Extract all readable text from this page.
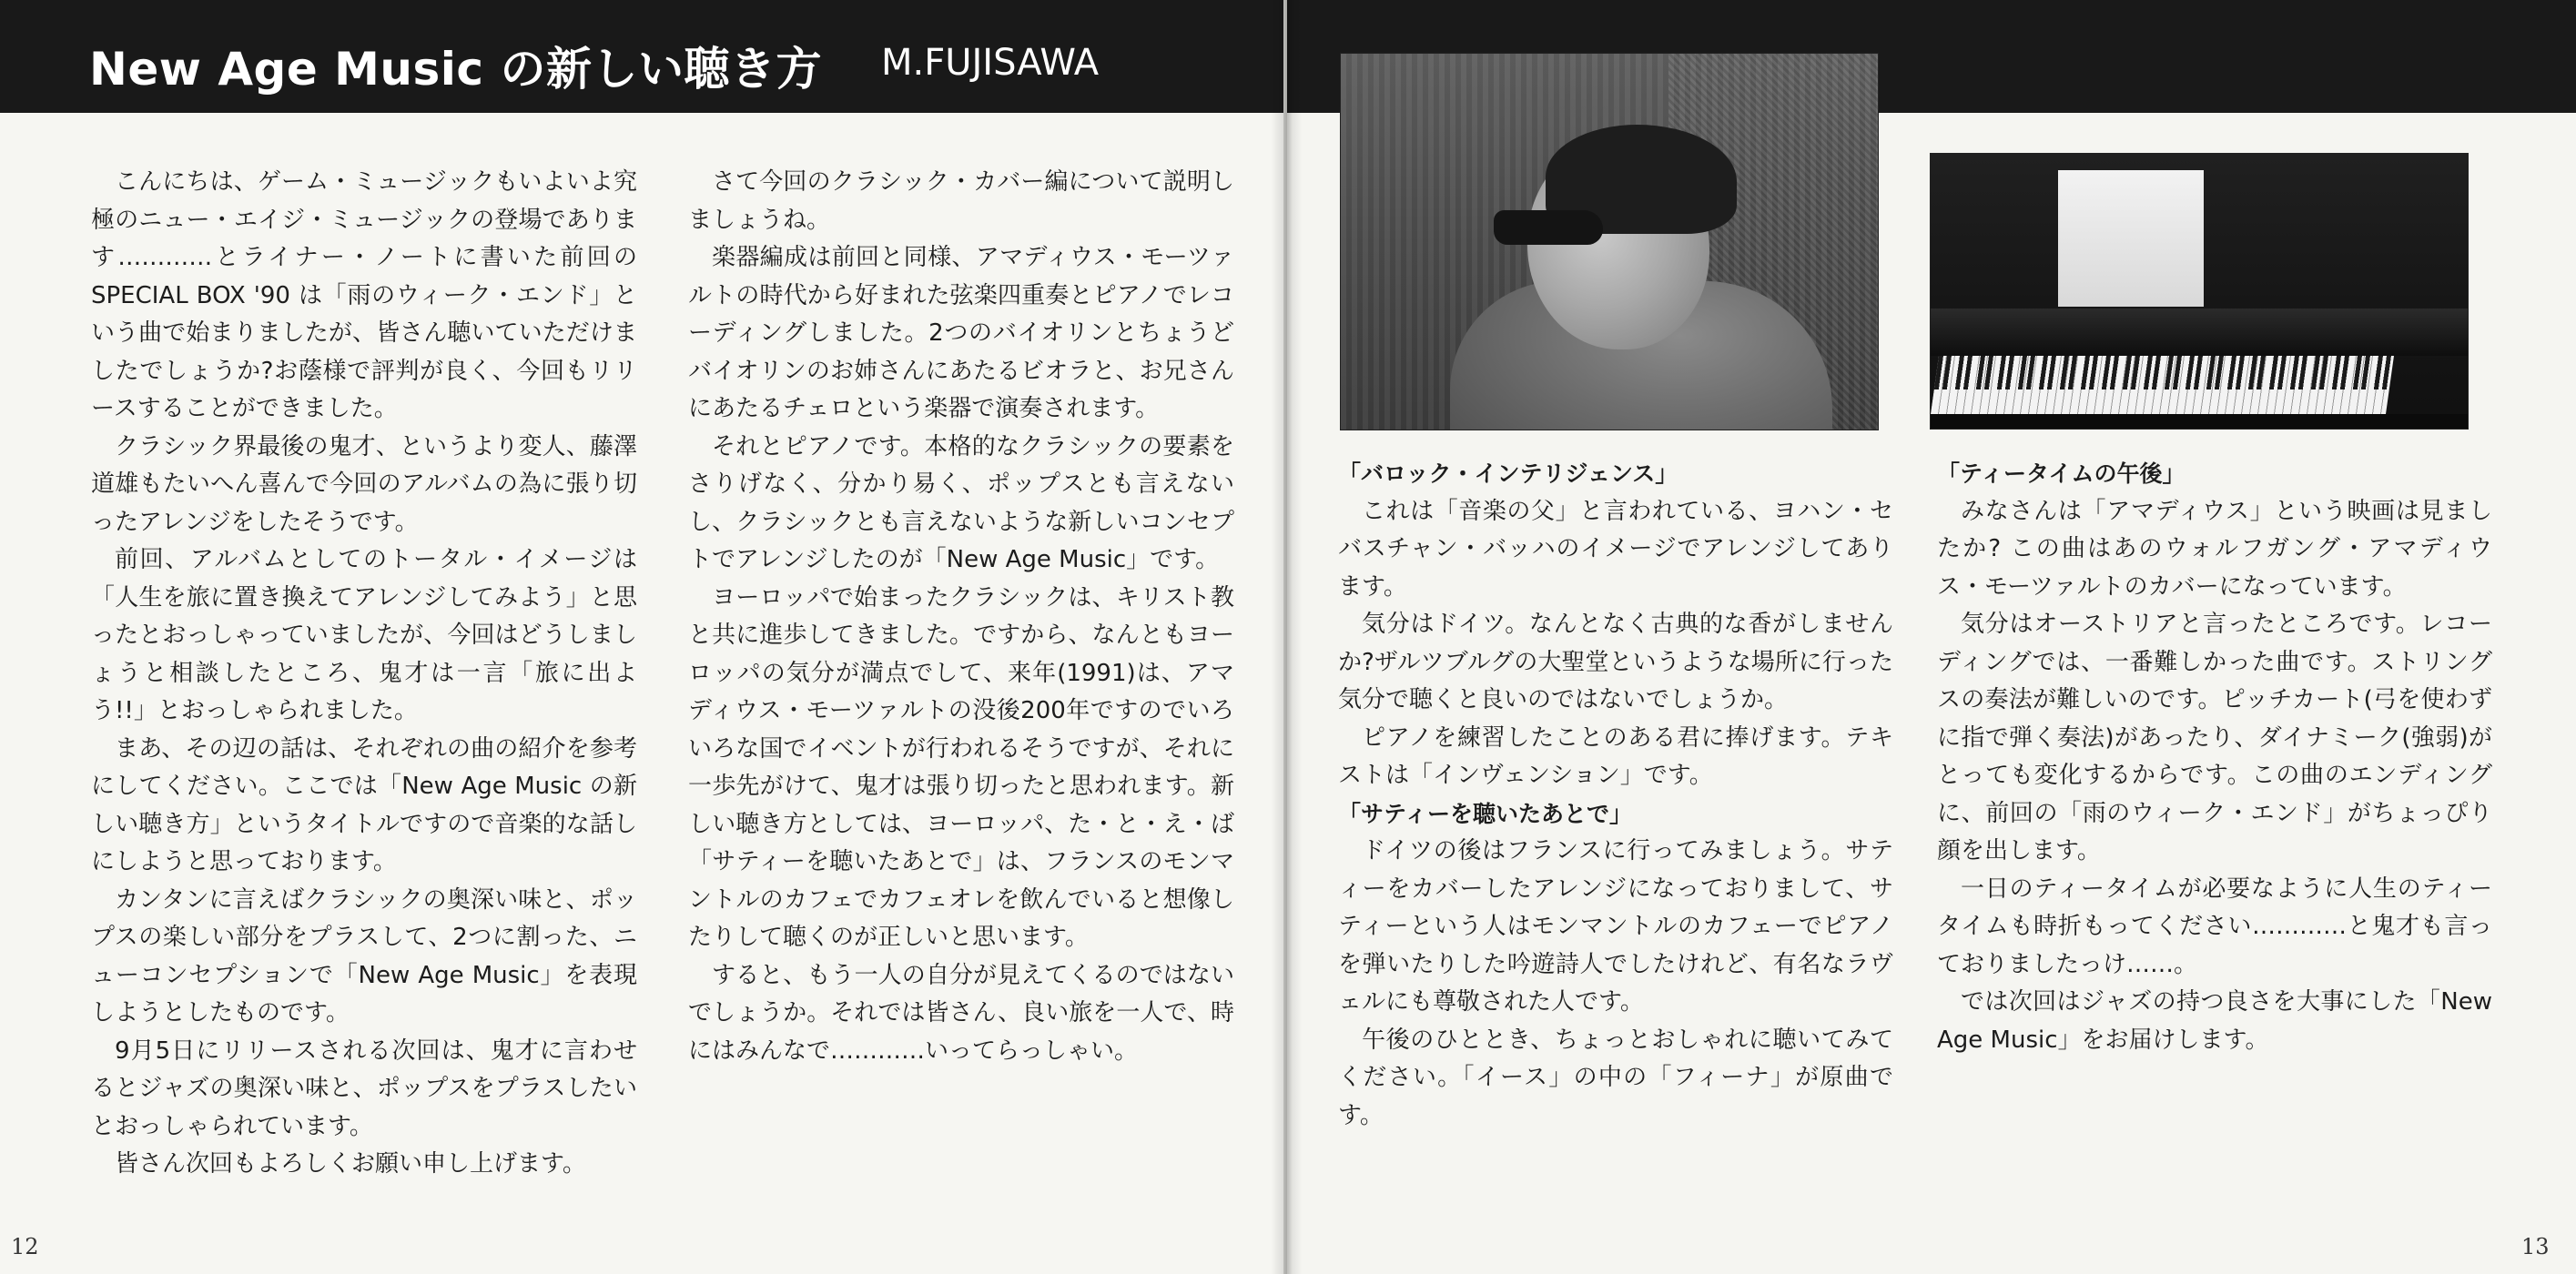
New Age Music の新しい聴き方 M.FUJISAWA

こんにちは、ゲーム・ミュージックもいよいよ究極のニュー・エイジ・ミュージックの登場であります…………とライナー・ノートに書いた前回の SPECIAL BOX '90 は「雨のウィーク・エンド」という曲で始まりましたが、皆さん聴いていただけましたでしょうか?お蔭様で評判が良く、今回もリリースすることができました。

クラシック界最後の鬼才、というより変人、藤澤道雄もたいへん喜んで今回のアルバムの為に張り切ったアレンジをしたそうです。

前回、アルバムとしてのトータル・イメージは「人生を旅に置き換えてアレンジしてみよう」と思ったとおっしゃっていましたが、今回はどうしましょうと相談したところ、鬼才は一言「旅に出よう!!」とおっしゃられました。

まあ、その辺の話は、それぞれの曲の紹介を参考にしてください。ここでは「New Age Music の新しい聴き方」というタイトルですので音楽的な話しにしようと思っております。

カンタンに言えばクラシックの奥深い味と、ポップスの楽しい部分をプラスして、2つに割った、ニューコンセプションで「New Age Music」を表現しようとしたものです。

9月5日にリリースされる次回は、鬼才に言わせるとジャズの奥深い味と、ポップスをプラスしたいとおっしゃられています。

皆さん次回もよろしくお願い申し上げます。

さて今回のクラシック・カバー編について説明しましょうね。

楽器編成は前回と同様、アマディウス・モーツァルトの時代から好まれた弦楽四重奏とピアノでレコーディングしました。2つのバイオリンとちょうどバイオリンのお姉さんにあたるビオラと、お兄さんにあたるチェロという楽器で演奏されます。

それとピアノです。本格的なクラシックの要素をさりげなく、分かり易く、ポップスとも言えないし、クラシックとも言えないような新しいコンセプトでアレンジしたのが「New Age Music」です。

ヨーロッパで始まったクラシックは、キリスト教と共に進歩してきました。ですから、なんともヨーロッパの気分が満点でして、来年(1991)は、アマディウス・モーツァルトの没後200年ですのでいろいろな国でイベントが行われるそうですが、それに一歩先がけて、鬼才は張り切ったと思われます。新しい聴き方としては、ヨーロッパ、た・と・え・ば「サティーを聴いたあとで」は、フランスのモンマントルのカフェでカフェオレを飲んでいると想像したりして聴くのが正しいと思います。

すると、もう一人の自分が見えてくるのではないでしょうか。それでは皆さん、良い旅を一人で、時にはみんなで…………いってらっしゃい。

12

「バロック・インテリジェンス」

これは「音楽の父」と言われている、ヨハン・セバスチャン・バッハのイメージでアレンジしてあります。

気分はドイツ。なんとなく古典的な香がしませんか?ザルツブルグの大聖堂というような場所に行った気分で聴くと良いのではないでしょうか。

ピアノを練習したことのある君に捧げます。テキストは「インヴェンション」です。

「サティーを聴いたあとで」

ドイツの後はフランスに行ってみましょう。サティーをカバーしたアレンジになっておりまして、サティーという人はモンマントルのカフェーでピアノを弾いたりした吟遊詩人でしたけれど、有名なラヴェルにも尊敬された人です。

午後のひととき、ちょっとおしゃれに聴いてみてください。「イース」の中の「フィーナ」が原曲です。

「ティータイムの午後」

みなさんは「アマディウス」という映画は見ましたか? この曲はあのウォルフガング・アマディウス・モーツァルトのカバーになっています。

気分はオーストリアと言ったところです。レコーディングでは、一番難しかった曲です。ストリングスの奏法が難しいのです。ピッチカート(弓を使わずに指で弾く奏法)があったり、ダイナミーク(強弱)がとっても変化するからです。この曲のエンディングに、前回の「雨のウィーク・エンド」がちょっぴり顔を出します。

一日のティータイムが必要なように人生のティータイムも時折もってください…………と鬼才も言っておりましたっけ……。

では次回はジャズの持つ良さを大事にした「New Age Music」をお届けします。

13
